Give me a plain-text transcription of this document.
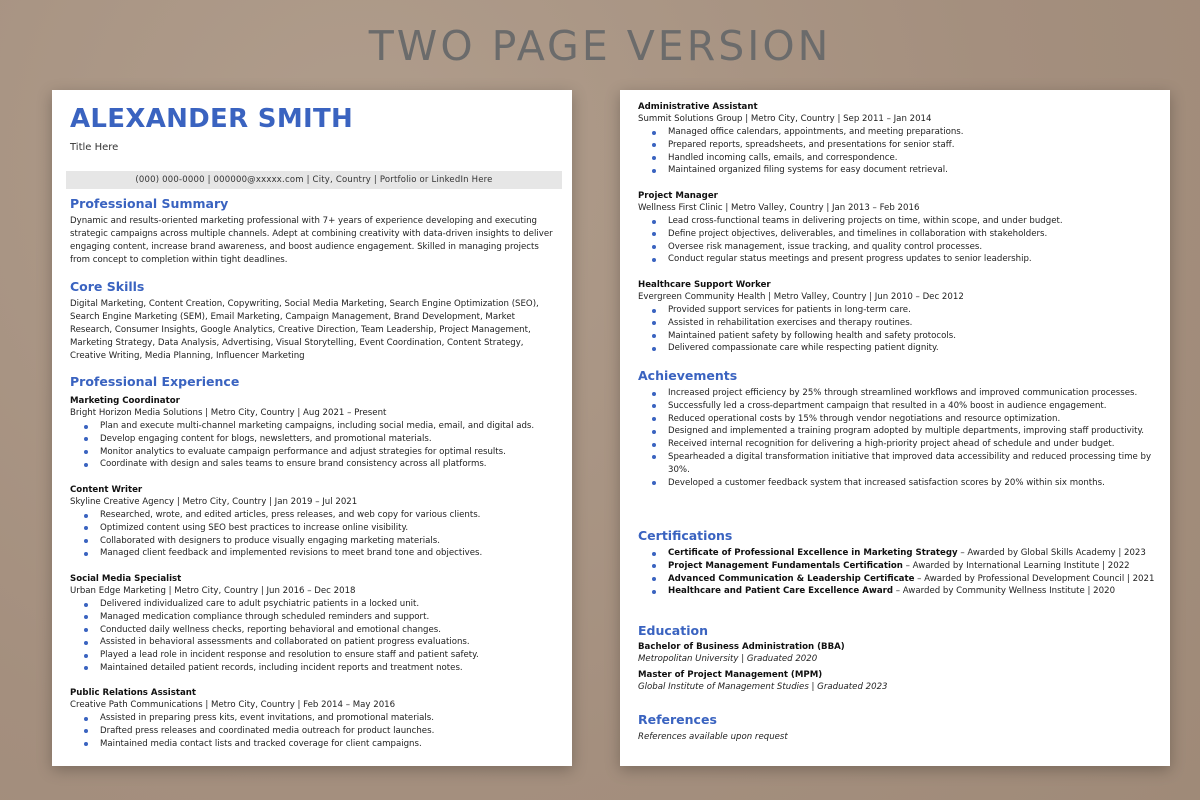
TWO PAGE VERSION
ALEXANDER SMITH
Title Here
(000) 000-0000 | 000000@xxxxx.com | City, Country | Portfolio or LinkedIn Here
Professional Summary

Dynamic and results-oriented marketing professional with 7+ years of experience developing and executing strategic campaigns across multiple channels. Adept at combining creativity with data-driven insights to deliver engaging content, increase brand awareness, and boost audience engagement. Skilled in managing projects from concept to completion within tight deadlines.

Core Skills

Digital Marketing, Content Creation, Copywriting, Social Media Marketing, Search Engine Optimization (SEO), Search Engine Marketing (SEM), Email Marketing, Campaign Management, Brand Development, Market Research, Consumer Insights, Google Analytics, Creative Direction, Team Leadership, Project Management, Marketing Strategy, Data Analysis, Advertising, Visual Storytelling, Event Coordination, Content Strategy, Creative Writing, Media Planning, Influencer Marketing

Professional Experience

Marketing Coordinator

Bright Horizon Media Solutions | Metro City, Country | Aug 2021 – Present

Plan and execute multi-channel marketing campaigns, including social media, email, and digital ads.
Develop engaging content for blogs, newsletters, and promotional materials.
Monitor analytics to evaluate campaign performance and adjust strategies for optimal results.
Coordinate with design and sales teams to ensure brand consistency across all platforms.

Content Writer

Skyline Creative Agency | Metro City, Country | Jan 2019 – Jul 2021

Researched, wrote, and edited articles, press releases, and web copy for various clients.
Optimized content using SEO best practices to increase online visibility.
Collaborated with designers to produce visually engaging marketing materials.
Managed client feedback and implemented revisions to meet brand tone and objectives.

Social Media Specialist

Urban Edge Marketing | Metro City, Country | Jun 2016 – Dec 2018

Delivered individualized care to adult psychiatric patients in a locked unit.
Managed medication compliance through scheduled reminders and support.
Conducted daily wellness checks, reporting behavioral and emotional changes.
Assisted in behavioral assessments and collaborated on patient progress evaluations.
Played a lead role in incident response and resolution to ensure staff and patient safety.
Maintained detailed patient records, including incident reports and treatment notes.

Public Relations Assistant

Creative Path Communications | Metro City, Country | Feb 2014 – May 2016

Assisted in preparing press kits, event invitations, and promotional materials.
Drafted press releases and coordinated media outreach for product launches.
Maintained media contact lists and tracked coverage for client campaigns.

Administrative Assistant

Summit Solutions Group | Metro City, Country | Sep 2011 – Jan 2014

Managed office calendars, appointments, and meeting preparations.
Prepared reports, spreadsheets, and presentations for senior staff.
Handled incoming calls, emails, and correspondence.
Maintained organized filing systems for easy document retrieval.

Project Manager

Wellness First Clinic | Metro Valley, Country | Jan 2013 – Feb 2016

Lead cross-functional teams in delivering projects on time, within scope, and under budget.
Define project objectives, deliverables, and timelines in collaboration with stakeholders.
Oversee risk management, issue tracking, and quality control processes.
Conduct regular status meetings and present progress updates to senior leadership.

Healthcare Support Worker

Evergreen Community Health | Metro Valley, Country | Jun 2010 – Dec 2012

Provided support services for patients in long-term care.
Assisted in rehabilitation exercises and therapy routines.
Maintained patient safety by following health and safety protocols.
Delivered compassionate care while respecting patient dignity.
Achievements
Increased project efficiency by 25% through streamlined workflows and improved communication processes.
Successfully led a cross-department campaign that resulted in a 40% boost in audience engagement.
Reduced operational costs by 15% through vendor negotiations and resource optimization.
Designed and implemented a training program adopted by multiple departments, improving staff productivity.
Received internal recognition for delivering a high-priority project ahead of schedule and under budget.
Spearheaded a digital transformation initiative that improved data accessibility and reduced processing time by 30%.
Developed a customer feedback system that increased satisfaction scores by 20% within six months.
Certifications
Certificate of Professional Excellence in Marketing Strategy – Awarded by Global Skills Academy | 2023
Project Management Fundamentals Certification – Awarded by International Learning Institute | 2022
Advanced Communication & Leadership Certificate – Awarded by Professional Development Council | 2021
Healthcare and Patient Care Excellence Award – Awarded by Community Wellness Institute | 2020
Education

Bachelor of Business Administration (BBA)

Metropolitan University | Graduated 2020

Master of Project Management (MPM)

Global Institute of Management Studies | Graduated 2023

References

References available upon request
